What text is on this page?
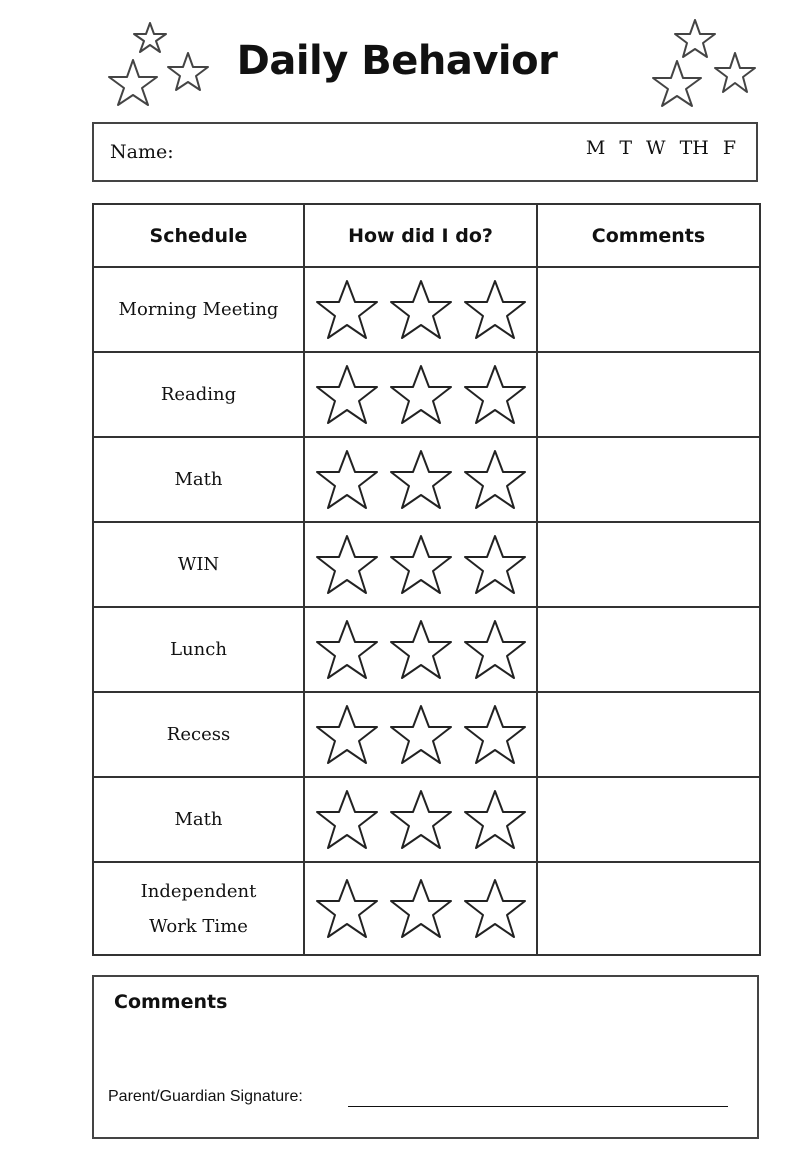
Daily Behavior
Name:	M T W TH F
Schedule	How did I do?	Comments

Morning Meeting

Reading

Math

WIN

Lunch

Recess

Math

Independent
Work Time

Comments
Parent/Guardian Signature:
